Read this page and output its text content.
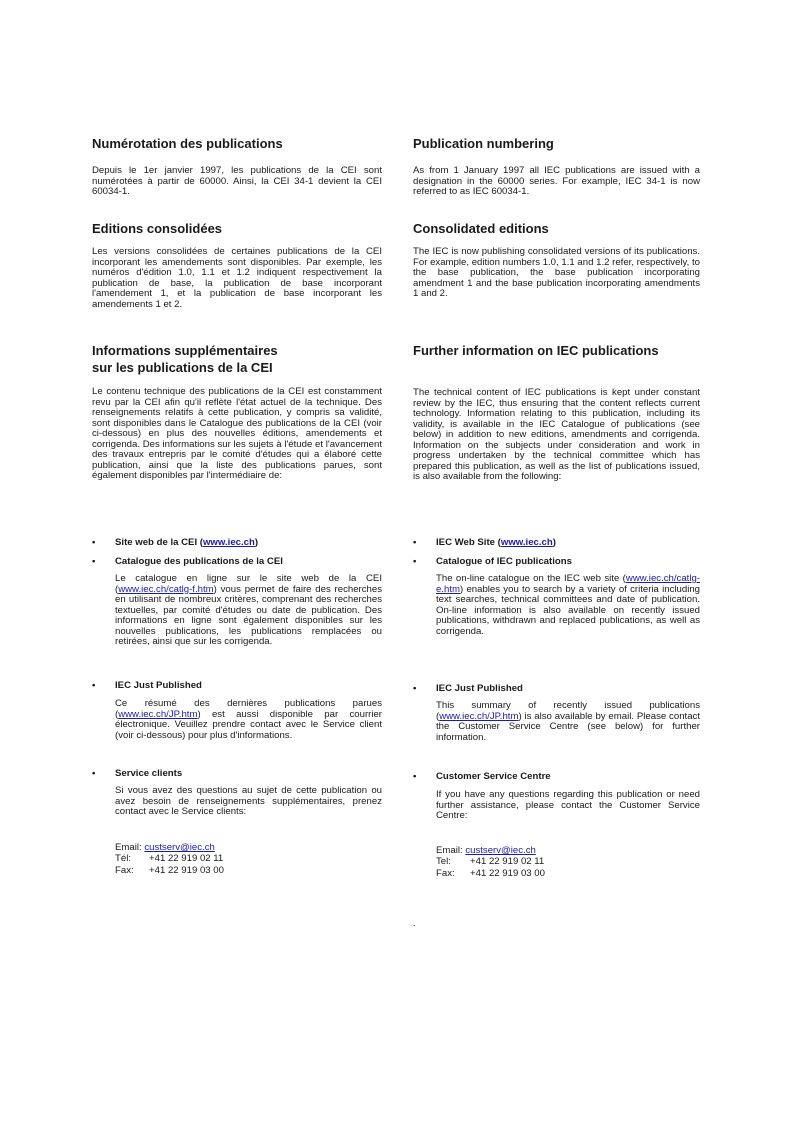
Numérotation des publications

Depuis le 1er janvier 1997, les publications de la CEI sont numérotées à partir de 60000. Ainsi, la CEI 34-1 devient la CEI 60034-1.

Editions consolidées

Les versions consolidées de certaines publications de la CEI incorporant les amendements sont disponibles. Par exemple, les numéros d'édition 1.0, 1.1 et 1.2 indiquent respectivement la publication de base, la publication de base incorporant l'amendement 1, et la publication de base incorporant les amendements 1 et 2.

Informations supplémentaires
sur les publications de la CEI

Le contenu technique des publications de la CEI est constamment revu par la CEI afin qu'il reflète l'état actuel de la technique. Des renseignements relatifs à cette publication, y compris sa validité, sont disponibles dans le Catalogue des publications de la CEI (voir ci-dessous) en plus des nouvelles éditions, amendements et corrigenda. Des informations sur les sujets à l'étude et l'avancement des travaux entrepris par le comité d'études qui a élaboré cette publication, ainsi que la liste des publications parues, sont également disponibles par l'intermédiaire de:

• Site web de la CEI (www.iec.ch)
• Catalogue des publications de la CEI

Le catalogue en ligne sur le site web de la CEI (www.iec.ch/catlg-f.htm) vous permet de faire des recherches en utilisant de nombreux critères, comprenant des recherches textuelles, par comité d'études ou date de publication. Des informations en ligne sont également disponibles sur les nouvelles publications, les publications remplacées ou retirées, ainsi que sur les corrigenda.

• IEC Just Published

Ce résumé des dernières publications parues (www.iec.ch/JP.htm) est aussi disponible par courrier électronique. Veuillez prendre contact avec le Service client (voir ci-dessous) pour plus d'informations.

• Service clients

Si vous avez des questions au sujet de cette publication ou avez besoin de renseignements supplémentaires, prenez contact avec le Service clients:

Email: custserv@iec.ch
Tél: +41 22 919 02 11
Fax: +41 22 919 03 00
Publication numbering

As from 1 January 1997 all IEC publications are issued with a designation in the 60000 series. For example, IEC 34-1 is now referred to as IEC 60034-1.

Consolidated editions

The IEC is now publishing consolidated versions of its publications. For example, edition numbers 1.0, 1.1 and 1.2 refer, respectively, to the base publication, the base publication incorporating amendment 1 and the base publication incorporating amendments 1 and 2.

Further information on IEC publications

The technical content of IEC publications is kept under constant review by the IEC, thus ensuring that the content reflects current technology. Information relating to this publication, including its validity, is available in the IEC Catalogue of publications (see below) in addition to new editions, amendments and corrigenda. Information on the subjects under consideration and work in progress undertaken by the technical committee which has prepared this publication, as well as the list of publications issued, is also available from the following:

• IEC Web Site (www.iec.ch)
• Catalogue of IEC publications

The on-line catalogue on the IEC web site (www.iec.ch/catlg-e.htm) enables you to search by a variety of criteria including text searches, technical committees and date of publication. On-line information is also available on recently issued publications, withdrawn and replaced publications, as well as corrigenda.

• IEC Just Published

This summary of recently issued publications (www.iec.ch/JP.htm) is also available by email. Please contact the Customer Service Centre (see below) for further information.

• Customer Service Centre

If you have any questions regarding this publication or need further assistance, please contact the Customer Service Centre:

Email: custserv@iec.ch
Tel: +41 22 919 02 11
Fax: +41 22 919 03 00
.
